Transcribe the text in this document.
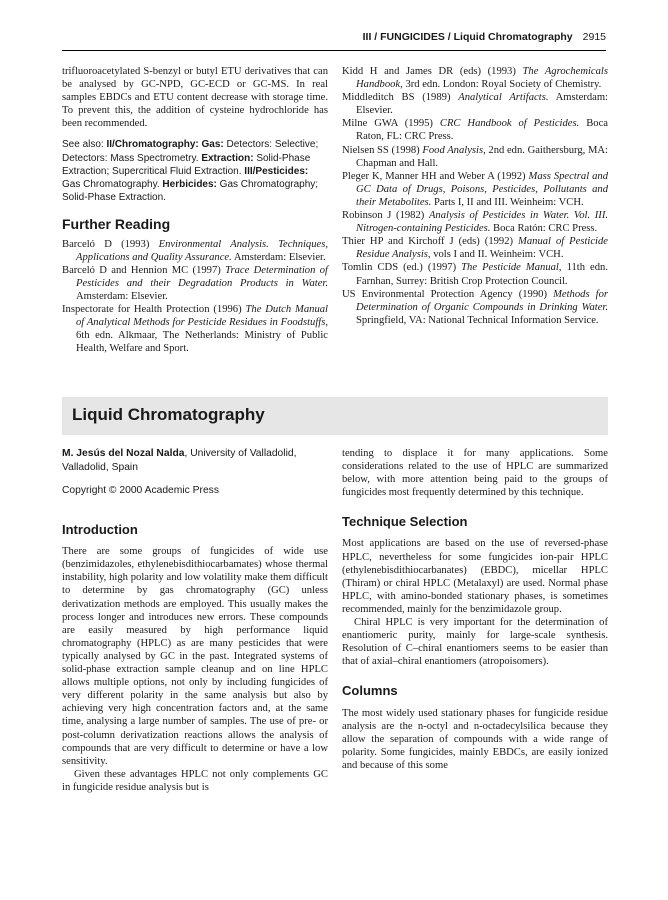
III / FUNGICIDES / Liquid Chromatography 2915

trifluoroacetylated S-benzyl or butyl ETU derivatives that can be analysed by GC-NPD, GC-ECD or GC-MS. In real samples EBDCs and ETU content decrease with storage time. To prevent this, the addition of cysteine hydrochloride has been recommended.

See also: II/Chromatography: Gas: Detectors: Selective; Detectors: Mass Spectrometry. Extraction: Solid-Phase Extraction; Supercritical Fluid Extraction. III/Pesticides: Gas Chromatography. Herbicides: Gas Chromatography; Solid-Phase Extraction.
Further Reading

Barceló D (1993) Environmental Analysis. Techniques, Applications and Quality Assurance. Amsterdam: Elsevier.

Barceló D and Hennion MC (1997) Trace Determination of Pesticides and their Degradation Products in Water. Amsterdam: Elsevier.

Inspectorate for Health Protection (1996) The Dutch Manual of Analytical Methods for Pesticide Residues in Foodstuffs, 6th edn. Alkmaar, The Netherlands: Ministry of Public Health, Welfare and Sport.

Kidd H and James DR (eds) (1993) The Agrochemicals Handbook, 3rd edn. London: Royal Society of Chemistry.

Middleditch BS (1989) Analytical Artifacts. Amsterdam: Elsevier.

Milne GWA (1995) CRC Handbook of Pesticides. Boca Raton, FL: CRC Press.

Nielsen SS (1998) Food Analysis, 2nd edn. Gaithersburg, MA: Chapman and Hall.

Pleger K, Manner HH and Weber A (1992) Mass Spectral and GC Data of Drugs, Poisons, Pesticides, Pollutants and their Metabolites. Parts I, II and III. Weinheim: VCH.

Robinson J (1982) Analysis of Pesticides in Water. Vol. III. Nitrogen-containing Pesticides. Boca Ratón: CRC Press.

Thier HP and Kirchoff J (eds) (1992) Manual of Pesticide Residue Analysis, vols I and II. Weinheim: VCH.

Tomlin CDS (ed.) (1997) The Pesticide Manual, 11th edn. Farnhan, Surrey: British Crop Protection Council.

US Environmental Protection Agency (1990) Methods for Determination of Organic Compounds in Drinking Water. Springfield, VA: National Technical Information Service.

Liquid Chromatography
M. Jesús del Nozal Nalda, University of Valladolid, Valladolid, Spain
Copyright © 2000 Academic Press
Introduction

There are some groups of fungicides of wide use (benzimidazoles, ethylenebisdithiocarbamates) whose thermal instability, high polarity and low volatility make them difficult to determine by gas chromatography (GC) unless derivatization methods are employed. This usually makes the process longer and introduces new errors. These compounds are easily measured by high performance liquid chromatography (HPLC) as are many pesticides that were typically analysed by GC in the past. Integrated systems of solid-phase extraction sample cleanup and on line HPLC allows multiple options, not only by including fungicides of very different polarity in the same analysis but also by achieving very high concentration factors and, at the same time, analysing a large number of samples. The use of pre- or post-column derivatization reactions allows the analysis of compounds that are very difficult to determine or have a low sensitivity.

Given these advantages HPLC not only complements GC in fungicide residue analysis but is

tending to displace it for many applications. Some considerations related to the use of HPLC are summarized below, with more attention being paid to the groups of fungicides most frequently determined by this technique.

Technique Selection

Most applications are based on the use of reversed-phase HPLC, nevertheless for some fungicides ion-pair HPLC (ethylenebisdithiocarbanates) (EBDC), micellar HPLC (Thiram) or chiral HPLC (Metalaxyl) are used. Normal phase HPLC, with amino-bonded stationary phases, is sometimes recommended, mainly for the benzimidazole group.

Chiral HPLC is very important for the determination of enantiomeric purity, mainly for large-scale synthesis. Resolution of C–chiral enantiomers seems to be easier than that of axial–chiral enantiomers (atropoisomers).

Columns

The most widely used stationary phases for fungicide residue analysis are the n-octyl and n-octadecylsilica because they allow the separation of compounds with a wide range of polarity. Some fungicides, mainly EBDCs, are easily ionized and because of this some
